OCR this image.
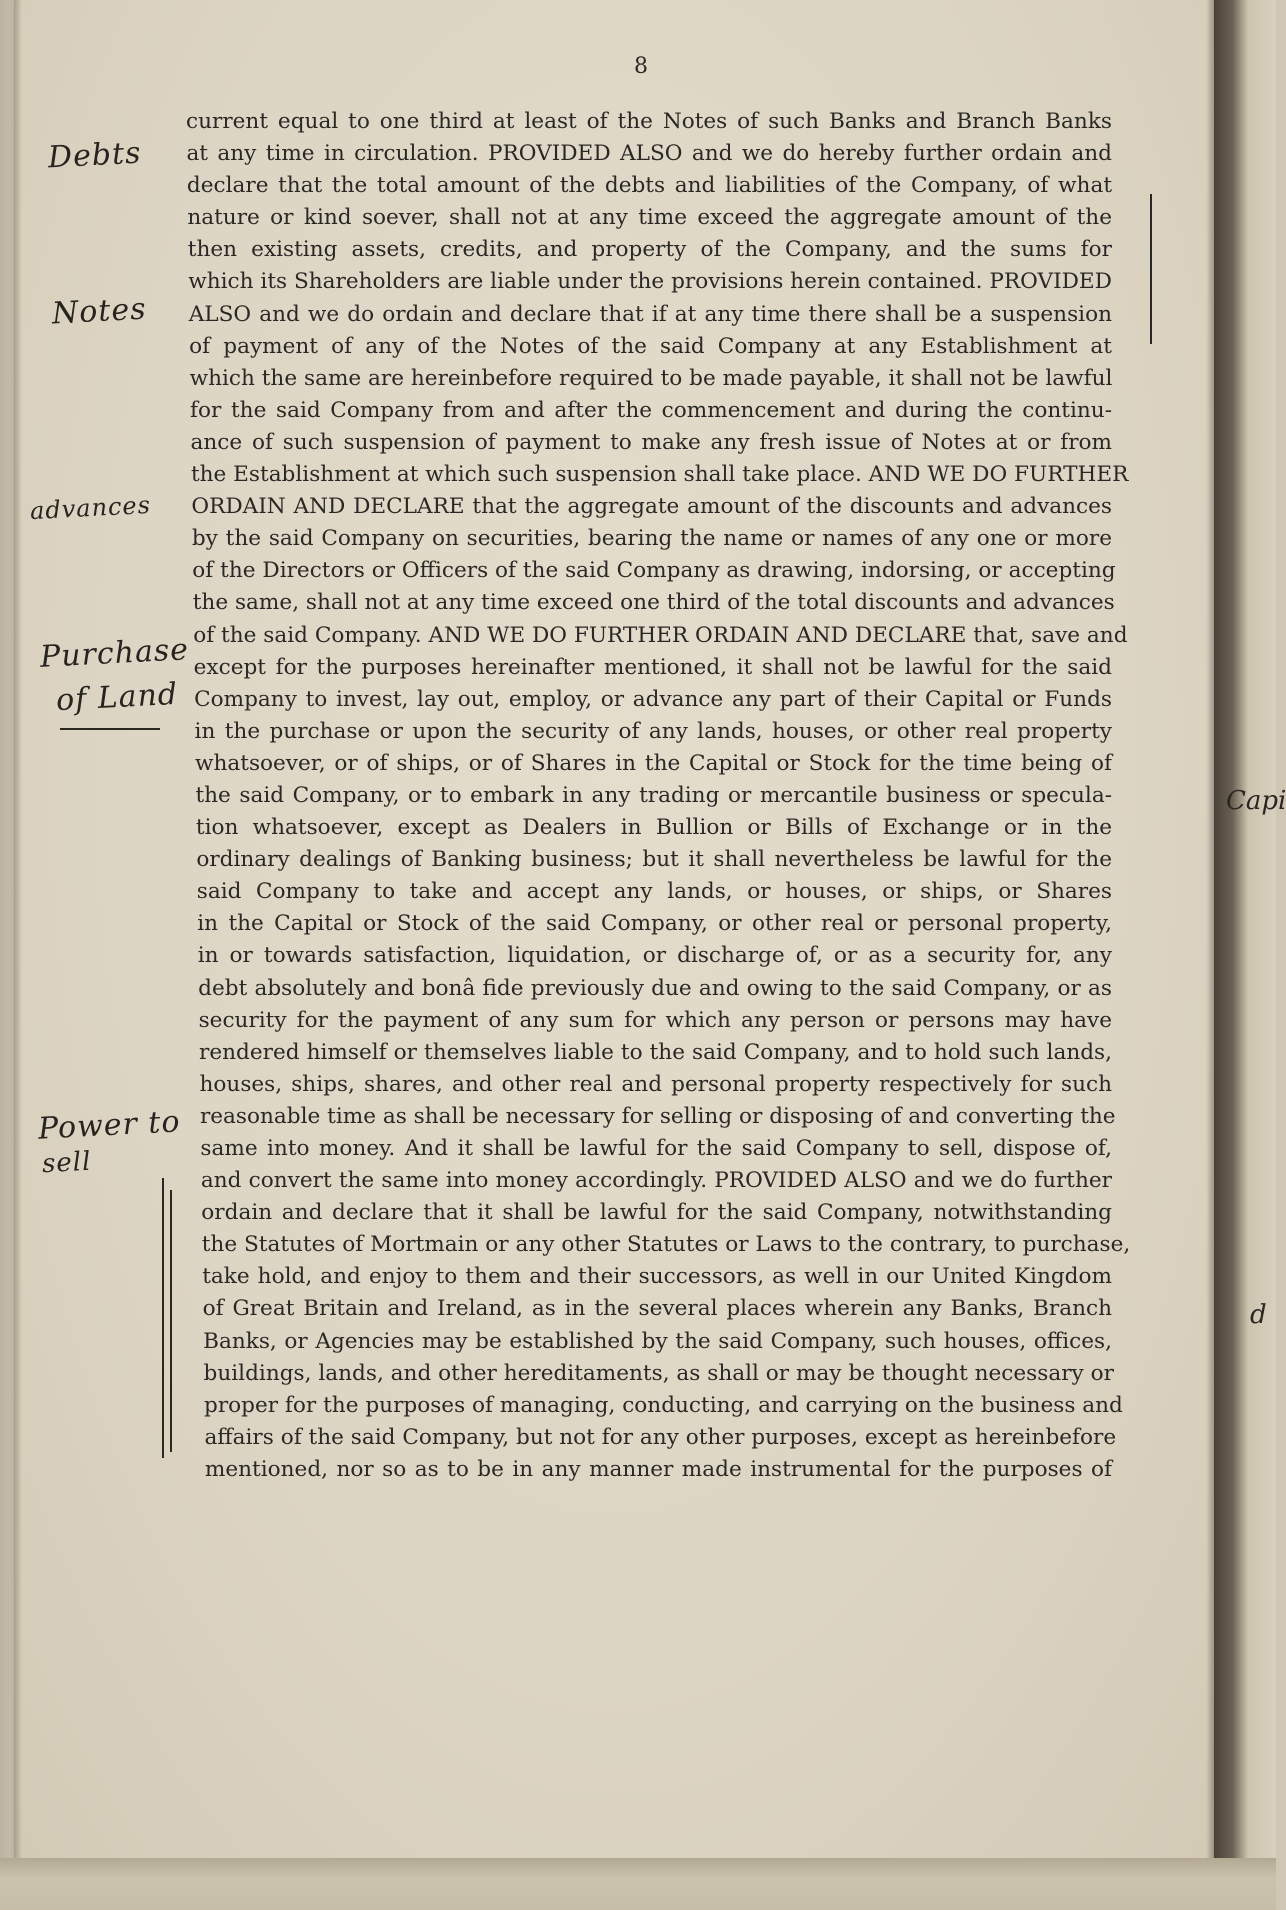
8
current equal to one third at least of the Notes of such Banks and Branch Banks
at any time in circulation. PROVIDED ALSO and we do hereby further ordain and
declare that the total amount of the debts and liabilities of the Company, of what
nature or kind soever, shall not at any time exceed the aggregate amount of the
then existing assets, credits, and property of the Company, and the sums for
which its Shareholders are liable under the provisions herein contained. PROVIDED
ALSO and we do ordain and declare that if at any time there shall be a suspension
of payment of any of the Notes of the said Company at any Establishment at
which the same are hereinbefore required to be made payable, it shall not be lawful
for the said Company from and after the commencement and during the continu-
ance of such suspension of payment to make any fresh issue of Notes at or from
the Establishment at which such suspension shall take place. AND WE DO FURTHER
ORDAIN AND DECLARE that the aggregate amount of the discounts and advances
by the said Company on securities, bearing the name or names of any one or more
of the Directors or Officers of the said Company as drawing, indorsing, or accepting
the same, shall not at any time exceed one third of the total discounts and advances
of the said Company. AND WE DO FURTHER ORDAIN AND DECLARE that, save and
except for the purposes hereinafter mentioned, it shall not be lawful for the said
Company to invest, lay out, employ, or advance any part of their Capital or Funds
in the purchase or upon the security of any lands, houses, or other real property
whatsoever, or of ships, or of Shares in the Capital or Stock for the time being of
the said Company, or to embark in any trading or mercantile business or specula-
tion whatsoever, except as Dealers in Bullion or Bills of Exchange or in the
ordinary dealings of Banking business; but it shall nevertheless be lawful for the
said Company to take and accept any lands, or houses, or ships, or Shares
in the Capital or Stock of the said Company, or other real or personal property,
in or towards satisfaction, liquidation, or discharge of, or as a security for, any
debt absolutely and bonâ fide previously due and owing to the said Company, or as
security for the payment of any sum for which any person or persons may have
rendered himself or themselves liable to the said Company, and to hold such lands,
houses, ships, shares, and other real and personal property respectively for such
reasonable time as shall be necessary for selling or disposing of and converting the
same into money. And it shall be lawful for the said Company to sell, dispose of,
and convert the same into money accordingly. PROVIDED ALSO and we do further
ordain and declare that it shall be lawful for the said Company, notwithstanding
the Statutes of Mortmain or any other Statutes or Laws to the contrary, to purchase,
take hold, and enjoy to them and their successors, as well in our United Kingdom
of Great Britain and Ireland, as in the several places wherein any Banks, Branch
Banks, or Agencies may be established by the said Company, such houses, offices,
buildings, lands, and other hereditaments, as shall or may be thought necessary or
proper for the purposes of managing, conducting, and carrying on the business and
affairs of the said Company, but not for any other purposes, except as hereinbefore
mentioned, nor so as to be in any manner made instrumental for the purposes of
Debts
Notes
advances
Purchase
of Land
Power to
sell
Capi
d
